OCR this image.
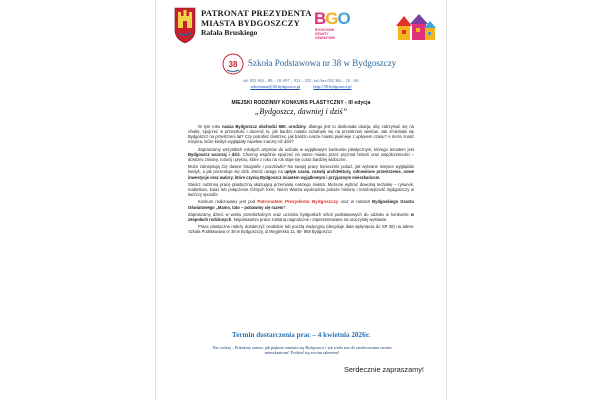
PATRONAT PREZYDENTA
MIASTA BYDGOSZCZY
Rafała Bruskiego
BGO
BYDGOSKIE
GRANTY
OŚWIATOWE
38 Szkoła Podstawowa nr 38 w Bydgoszczy
tel. 052 363 – 89 – 18, 697 – 912 – 552 , tel./fax 052 362 – 10 – 60
sekretariat@38.bydgoszcz.pl	http://38.bydgoszcz.pl
MIEJSKI RODZINNY KONKURS PLASTYCZNY - III edycja
„Bydgoszcz, dawniej i dziś”

W tym roku nasza Bydgoszcz obchodzi 680. urodziny, dlatego jest to doskonała okazja, aby zatrzymać się na chwilę, spojrzeć w przeszłość i docenić to, jak bardzo miasto rozwinęło się na przestrzeni wieków. Jak zmieniała się Bydgoszcz na przestrzeni lat? Czy potrafisz dostrzec, jak bardzo nasze miasto pięknieje z upływem czasu? A może znasz miejsca, które kiedyś wyglądały zupełnie inaczej niż dziś?

Zapraszamy wszystkich młodych artystów do udziału w wyjątkowym konkursie plastycznym, którego tematem jest Bydgoszcz wczoraj i dziś. Chcemy wspólnie spojrzeć na nasze miasto przez pryzmat historii oraz współczesności – dostrzec zmiany, rozwój i piękno, które z roku na rok staje się coraz bardziej widoczne.

Może zainspirują Cię dawne fotografie i pocztówki? Na swojej pracy koniecznie pokaż, jak wybrane miejsce wyglądało kiedyś, a jak prezentuje się dziś. Zwróć uwagę na upływ czasu, rozwój architektury, odnowione przestrzenie, nowe inwestycje oraz walory, które czynią Bydgoszcz miastem wyjątkowym i przyjaznym mieszkańcom.

Stwórz rodzinną pracę plastyczną ukazującą przemianę naszego miasta. Możecie wybrać dowolną technikę – rysunek, malarstwo, kolaż lub połączenie różnych form. Niech Wasza wyobraźnia pokaże historię i teraźniejszość Bydgoszczy w twórczy sposób!

Konkurs realizowany jest pod Patronatem Prezydenta Bydgoszczy oraz w ramach Bydgoskiego Grantu Oświatowego „Mamo, tato – pobawmy się razem”.

Zapraszamy dzieci w wieku przedszkolnym oraz uczniów bydgoskich szkół podstawowych do udziału w konkursie w zespołach rodzinnych. Najciekawsze prace zostaną nagrodzone i zaprezentowane na uroczystej wystawie.

Prace plastyczne należy dostarczyć osobiście lub pocztą tradycyjną (decyduje data wpłynięcia do SP 38) na adres: Szkoła Podstawowa nr 38 w Bydgoszczy, ul.Węgierska 11, 85- 858 Bydgoszcz

Termin dostarczenia prac – 4 kwietnia 2026r.
Nie czekaj – Pokażmy razem, jak pięknie zmienia się Bydgoszcz i jak wiele ma do zaoferowania swoim mieszkańcom! Podziel się swoim talentem!
Serdecznie zapraszamy!
